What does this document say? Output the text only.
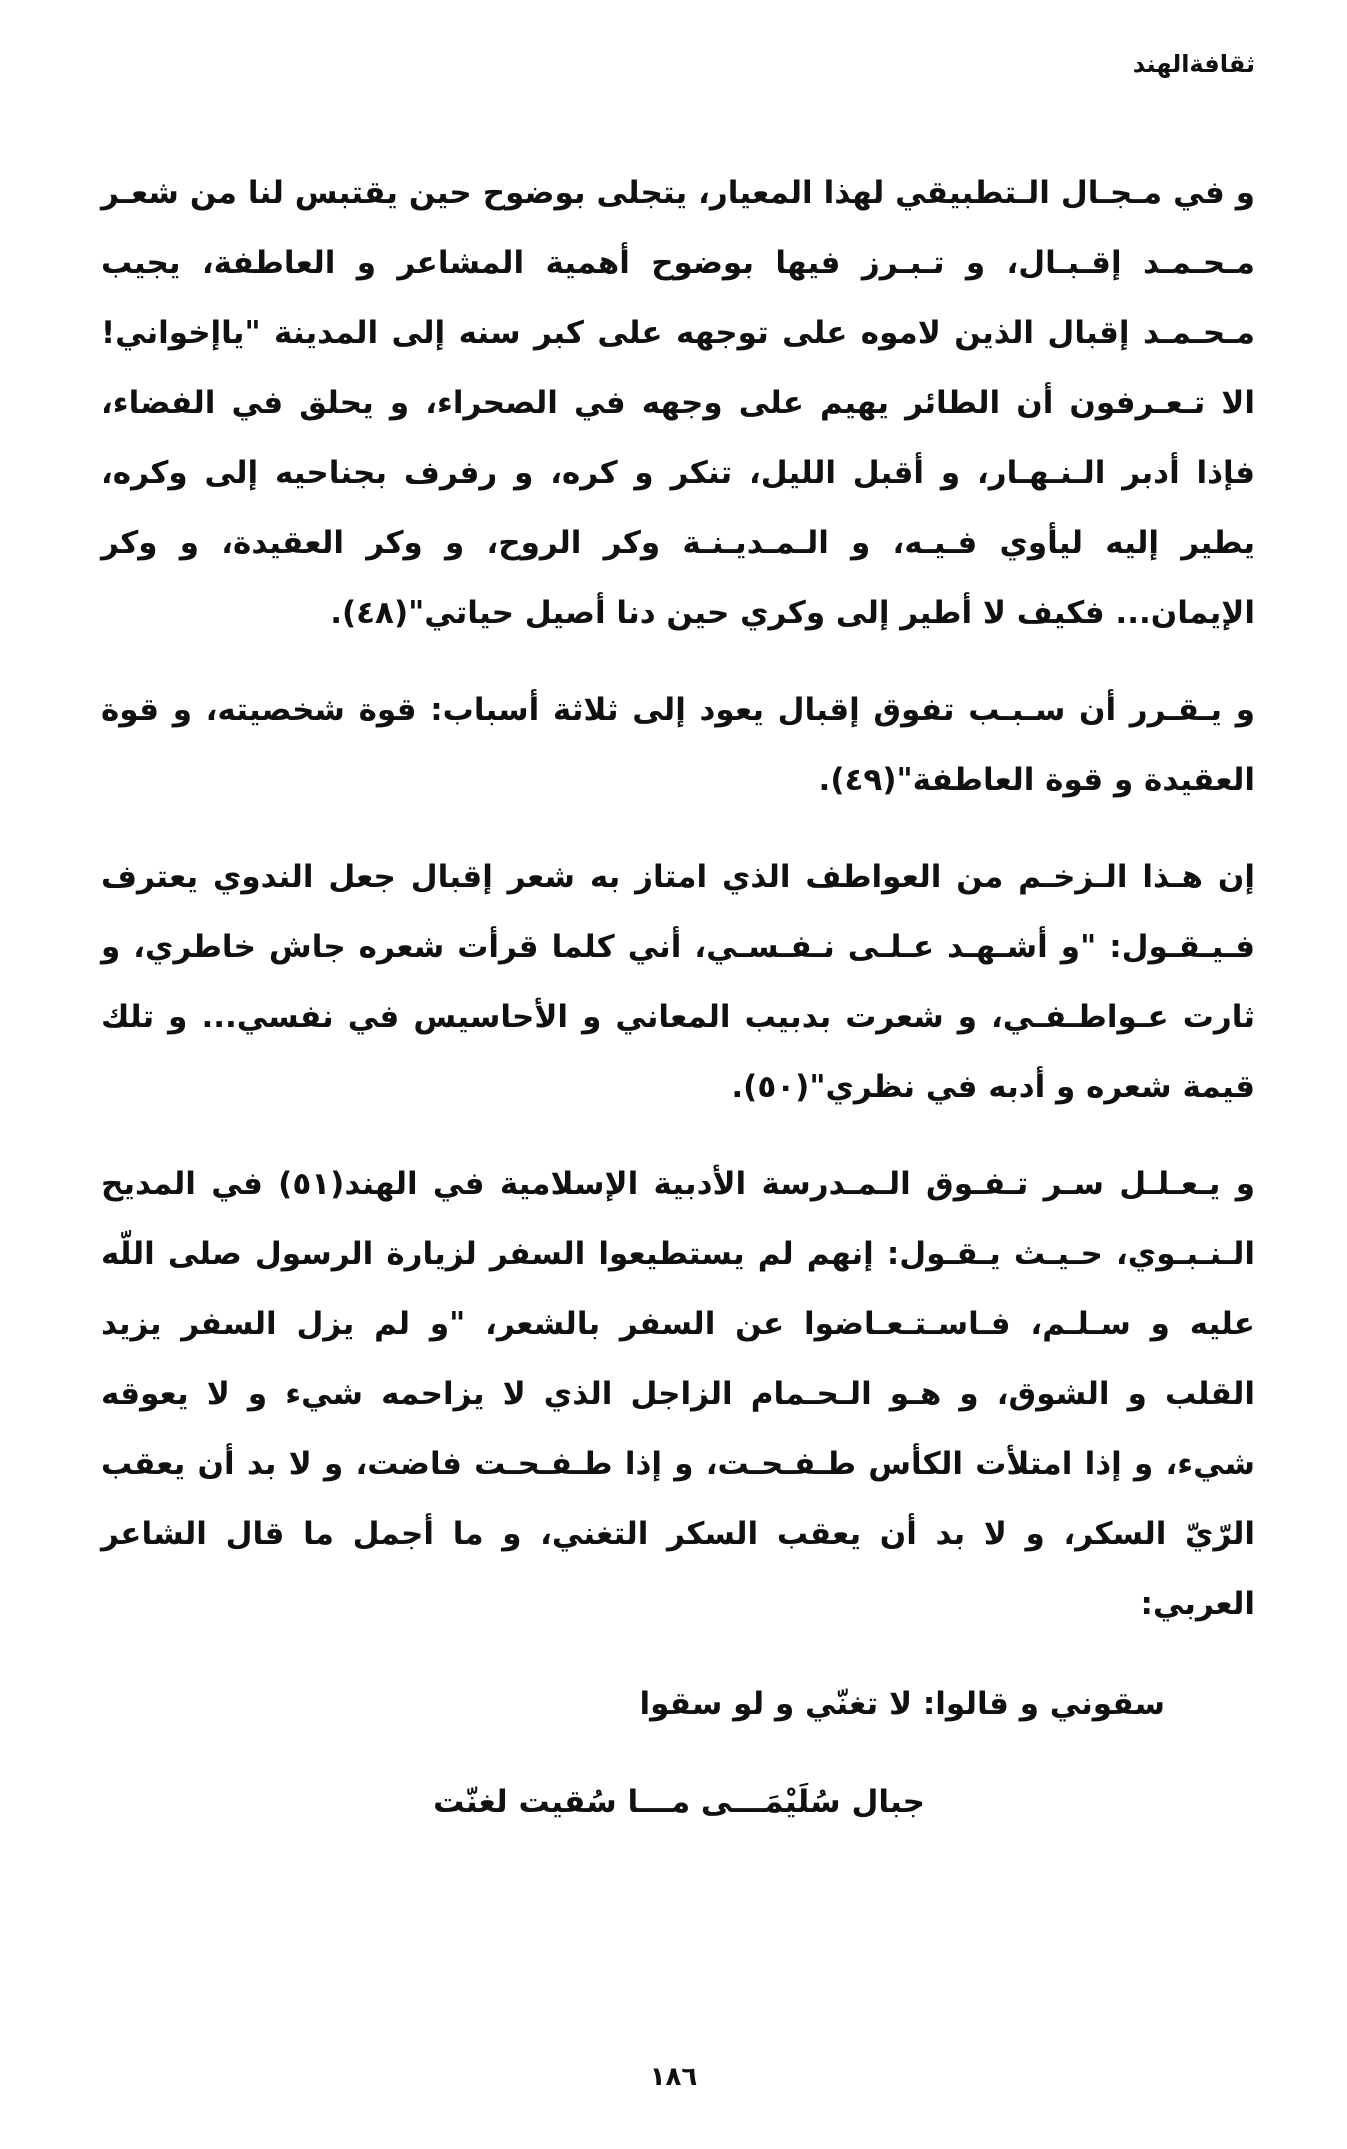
ثقافةالهند

و في مـجـال الـتطبيقي لهذا المعيار، يتجلى بوضوح حين يقتبس لنا من شعـر مـحـمـد إقـبـال، و تـبـرز فيها بوضوح أهمية المشاعر و العاطفة، يجيب مـحـمـد إقبال الذين لاموه على توجهه على كبر سنه إلى المدينة "ياإخواني! الا تـعـرفون أن الطائر يهيم على وجهه في الصحراء، و يحلق في الفضاء، فإذا أدبر الـنـهـار، و أقبل الليل، تنكر و كره، و رفرف بجناحيه إلى وكره، يطير إليه ليأوي فـيـه، و الـمـديـنـة وكر الروح، و وكر العقيدة، و وكر الإيمان... فكيف لا أطير إلى وكري حين دنا أصيل حياتي"(٤٨).

و يـقـرر أن سـبـب تفوق إقبال يعود إلى ثلاثة أسباب: قوة شخصيته، و قوة العقيدة و قوة العاطفة"(٤٩).

إن هـذا الـزخـم من العواطف الذي امتاز به شعر إقبال جعل الندوي يعترف فـيـقـول: "و أشـهـد عـلـى نـفـسـي، أني كلما قرأت شعره جاش خاطري، و ثارت عـواطـفـي، و شعرت بدبيب المعاني و الأحاسيس في نفسي... و تلك قيمة شعره و أدبه في نظري"(٥٠).

و يـعـلـل سـر تـفـوق الـمـدرسة الأدبية الإسلامية في الهند(٥١) في المديح الـنـبـوي، حـيـث يـقـول: إنهم لم يستطيعوا السفر لزيارة الرسول صلى اللّه عليه و سـلـم، فـاسـتـعـاضوا عن السفر بالشعر، "و لم يزل السفر يزيد القلب و الشوق، و هـو الـحـمام الزاجل الذي لا يزاحمه شيء و لا يعوقه شيء، و إذا امتلأت الكأس طـفـحـت، و إذا طـفـحـت فاضت، و لا بد أن يعقب الرّيّ السكر، و لا بد أن يعقب السكر التغني، و ما أجمل ما قال الشاعر العربي:

سقوني و قالوا: لا تغنّي و لو سقوا

جبال سُلَيْمَـــى مـــا سُقيت لغنّت

١٨٦
